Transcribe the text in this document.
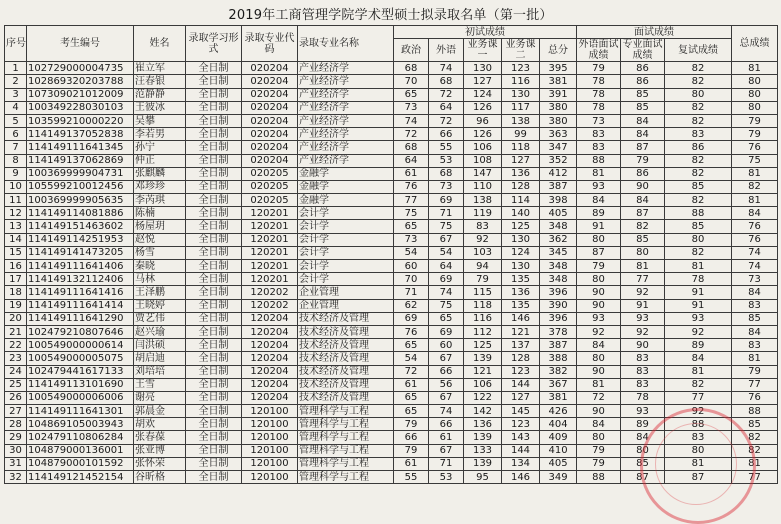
2019年工商管理学院学术型硕士拟录取名单（第一批）
序号	考生编号	姓名	录取学习形式	录取专业代码	录取专业名称	初试成绩					面试成绩			总成绩
						政治	外语	业务课一	业务课二	总分	外语面试成绩	专业面试成绩	复试成绩	
1	102729000004735	崔立军	全日制	020204	产业经济学	68	74	130	123	395	79	86	82	81
2	102869320203788	汪春银	全日制	020204	产业经济学	70	68	127	116	381	78	86	82	80
3	107309021012009	范静静	全日制	020204	产业经济学	65	72	124	130	391	78	85	80	80
4	100349228030103	王彼冰	全日制	020204	产业经济学	73	64	126	117	380	78	85	82	80
5	103599210000220	吴攀	全日制	020204	产业经济学	74	72	96	138	380	73	84	82	79
6	114149137052838	李若男	全日制	020204	产业经济学	72	66	126	99	363	83	84	83	79
7	114149111641345	孙宁	全日制	020204	产业经济学	68	55	106	118	347	83	87	86	76
8	114149137062869	仲正	全日制	020204	产业经济学	64	53	108	127	352	88	79	82	75
9	100369999904731	张麒麟	全日制	020205	金融学	61	68	147	136	412	81	86	82	81
10	105599210012456	邓珍珍	全日制	020205	金融学	76	73	110	128	387	93	90	85	82
11	100369999905635	李芮琪	全日制	020205	金融学	77	69	138	114	398	84	84	82	81
12	114149114081886	陈楠	全日制	120201	会计学	75	71	119	140	405	89	87	88	84
13	114149151463602	杨屋玥	全日制	120201	会计学	65	75	83	125	348	91	82	85	76
14	114149114251953	赵悦	全日制	120201	会计学	73	67	92	130	362	80	85	80	76
15	114149141473205	杨雪	全日制	120201	会计学	54	54	103	124	345	87	80	82	74
16	114149111641406	秦晓	全日制	120201	会计学	60	64	94	130	348	79	81	81	74
17	114149132112406	马林	全日制	120201	会计学	70	69	79	135	348	80	77	78	73
18	114149111641416	王泽鹏	全日制	120202	企业管理	71	74	115	136	396	90	92	91	84
19	114149111641414	王晓婷	全日制	120202	企业管理	62	75	118	135	390	90	91	91	83
20	114149111641290	贾艺伟	全日制	120204	技术经济及管理	69	65	116	146	396	93	93	93	85
21	102479210807646	赵兴瑜	全日制	120204	技术经济及管理	76	69	112	121	378	92	92	92	84
22	100549000000614	闫洪硕	全日制	120204	技术经济及管理	65	60	125	137	387	84	90	89	83
23	100549000005075	胡启迪	全日制	120204	技术经济及管理	54	67	139	128	388	80	83	84	81
24	102479441617133	刘培培	全日制	120204	技术经济及管理	72	66	121	123	382	90	83	81	79
25	114149113101690	王雪	全日制	120204	技术经济及管理	61	56	106	144	367	81	83	82	77
26	100549000006006	谢亮	全日制	120204	技术经济及管理	65	67	122	127	381	72	78	77	76
27	114149111641301	郭晨金	全日制	120100	管理科学与工程	65	74	142	145	426	90	93	92	88
28	104869105003943	胡欢	全日制	120100	管理科学与工程	79	66	136	123	404	84	89	88	85
29	102479110806284	张春葆	全日制	120100	管理科学与工程	66	61	139	143	409	80	84	83	82
30	104879000136001	张亚博	全日制	120100	管理科学与工程	79	67	133	144	410	79	80	80	82
31	104879000101592	张怀荣	全日制	120100	管理科学与工程	61	71	139	134	405	79	85	81	81
32	114149121452154	谷昕格	全日制	120100	管理科学与工程	55	53	95	146	349	88	87	87	77
